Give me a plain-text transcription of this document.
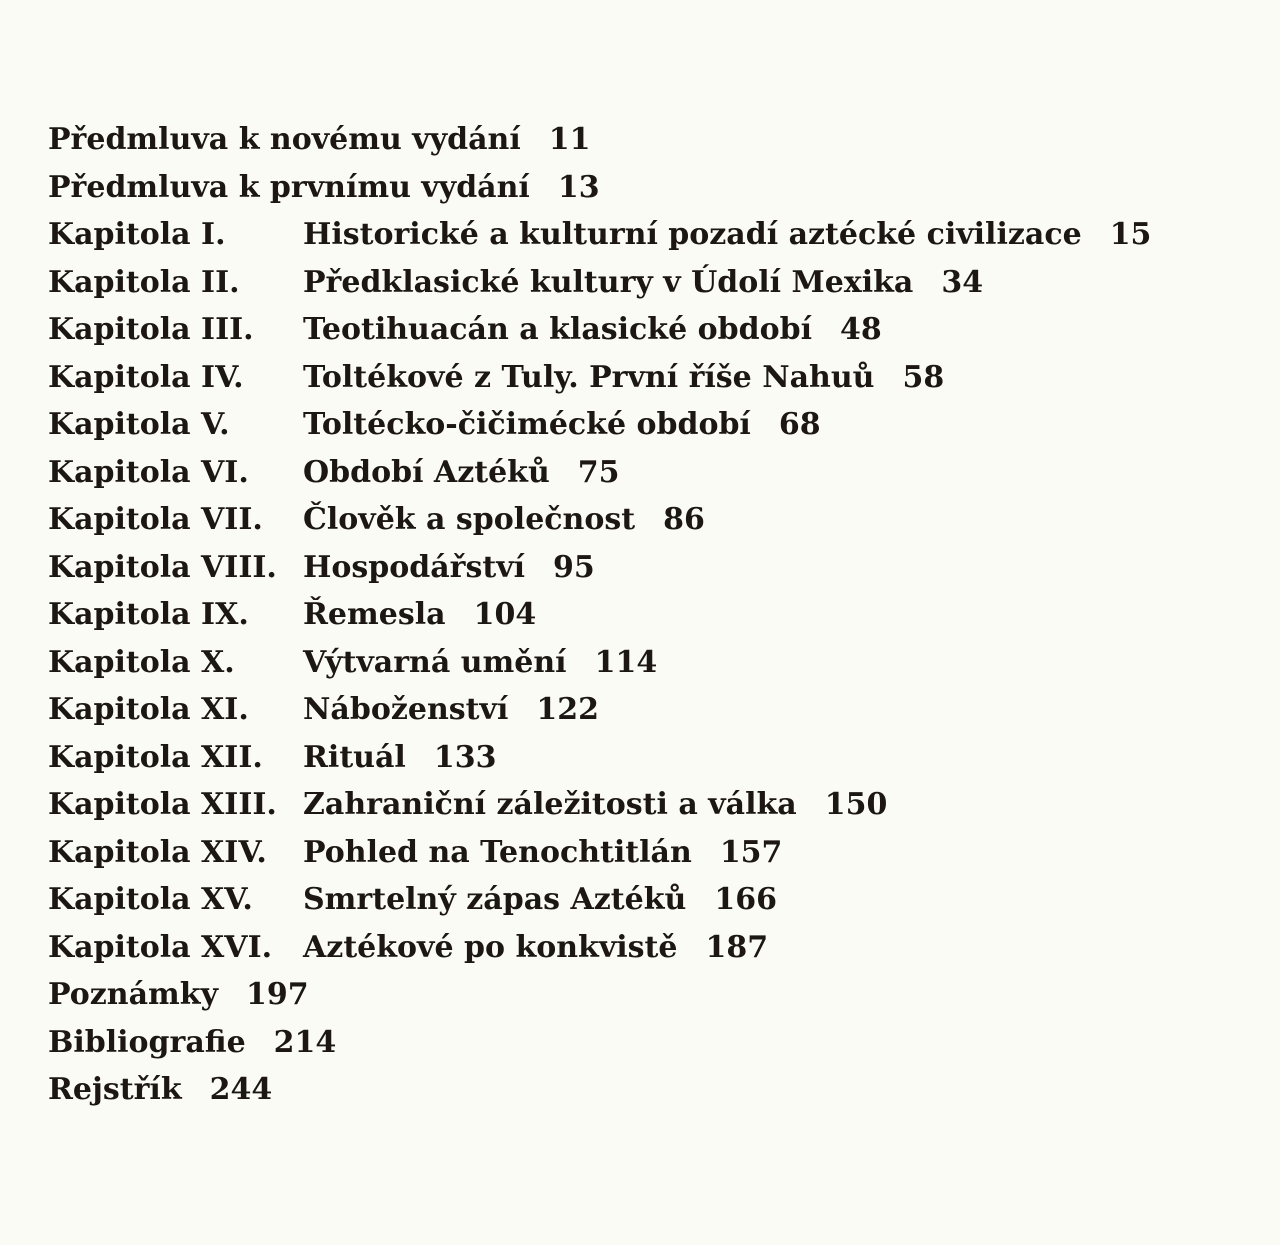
Předmluva k novému vydání 11
Předmluva k prvnímu vydání 13
Kapitola I.	Historické a kulturní pozadí aztécké civilizace 15
Kapitola II. Předklasické kultury v Údolí Mexika 34
Kapitola III. Teotihuacán a klasické období 48
Kapitola IV. Toltékové z Tuly. První říše Nahuů 58
Kapitola V. Toltécko-čičimécké období 68
Kapitola VI. Období Aztéků 75
Kapitola VII. Člověk a společnost 86
Kapitola VIII. Hospodářství 95
Kapitola IX. Řemesla 104
Kapitola X. Výtvarná umění 114
Kapitola XI. Náboženství 122
Kapitola XII. Rituál 133
Kapitola XIII. Zahraniční záležitosti a válka 150
Kapitola XIV. Pohled na Tenochtitlán 157
Kapitola XV. Smrtelný zápas Aztéků 166
Kapitola XVI. Aztékové po konkvistě 187
Poznámky 197
Bibliografie 214
Rejstřík 244
